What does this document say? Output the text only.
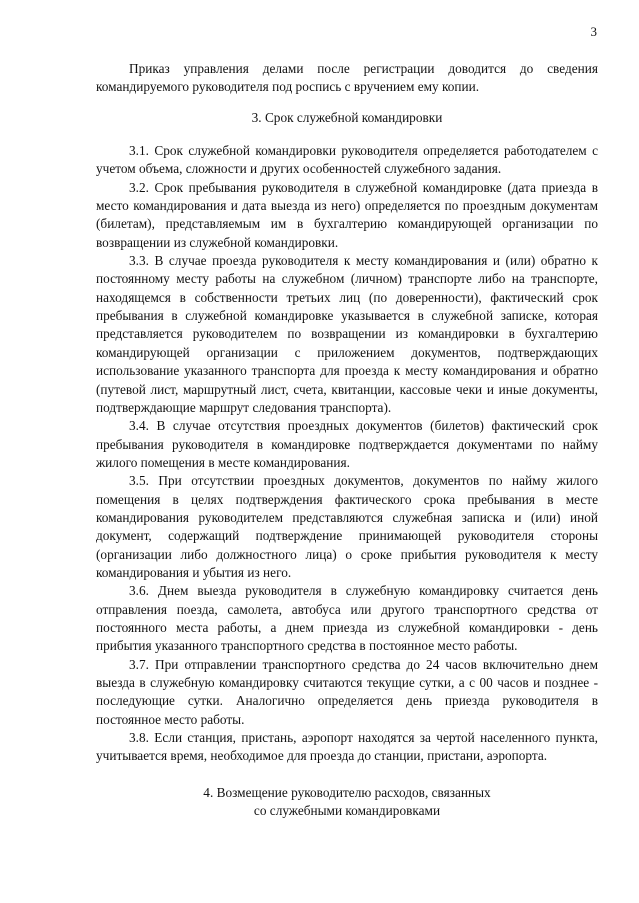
3

Приказ управления делами после регистрации доводится до сведения командируемого руководителя под роспись с вручением ему копии.

3. Срок служебной командировки

3.1. Срок служебной командировки руководителя определяется работодателем с учетом объема, сложности и других особенностей служебного задания.

3.2. Срок пребывания руководителя в служебной командировке (дата приезда в место командирования и дата выезда из него) определяется по проездным документам (билетам), представляемым им в бухгалтерию командирующей организации по возвращении из служебной командировки.

3.3. В случае проезда руководителя к месту командирования и (или) обратно к постоянному месту работы на служебном (личном) транспорте либо на транспорте, находящемся в собственности третьих лиц (по доверенности), фактический срок пребывания в служебной командировке указывается в служебной записке, которая представляется руководителем по возвращении из командировки в бухгалтерию командирующей организации с приложением документов, подтверждающих использование указанного транспорта для проезда к месту командирования и обратно (путевой лист, маршрутный лист, счета, квитанции, кассовые чеки и иные документы, подтверждающие маршрут следования транспорта).

3.4. В случае отсутствия проездных документов (билетов) фактический срок пребывания руководителя в командировке подтверждается документами по найму жилого помещения в месте командирования.

3.5. При отсутствии проездных документов, документов по найму жилого помещения в целях подтверждения фактического срока пребывания в месте командирования руководителем представляются служебная записка и (или) иной документ, содержащий подтверждение принимающей руководителя стороны (организации либо должностного лица) о сроке прибытия руководителя к месту командирования и убытия из него.

3.6. Днем выезда руководителя в служебную командировку считается день отправления поезда, самолета, автобуса или другого транспортного средства от постоянного места работы, а днем приезда из служебной командировки - день прибытия указанного транспортного средства в постоянное место работы.

3.7. При отправлении транспортного средства до 24 часов включительно днем выезда в служебную командировку считаются текущие сутки, а с 00 часов и позднее - последующие сутки. Аналогично определяется день приезда руководителя в постоянное место работы.

3.8. Если станция, пристань, аэропорт находятся за чертой населенного пункта, учитывается время, необходимое для проезда до станции, пристани, аэропорта.

4. Возмещение руководителю расходов, связанных

со служебными командировками
